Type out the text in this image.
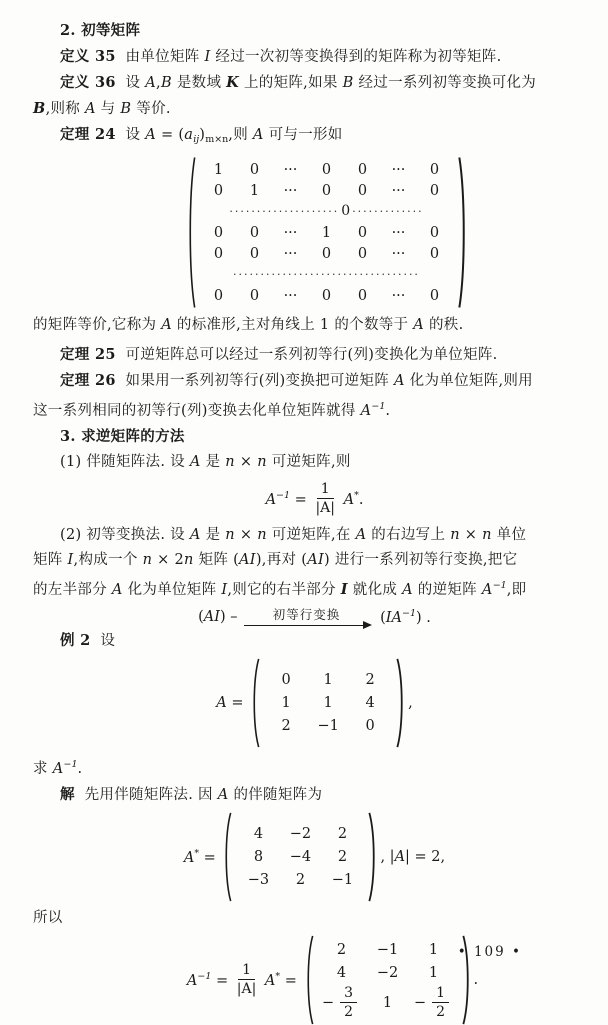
2. 初等矩阵
定义 35  由单位矩阵 I 经过一次初等变换得到的矩阵称为初等矩阵.
定义 36  设 A,B 是数域 K 上的矩阵,如果 B 经过一系列初等变换可化为
B,则称 A 与 B 等价.
定理 24  设 $A = (a_{ij})_{m\times n}$,则 A 可与一形如
1	0	···	0	0	···	0
0	1	···	0	0	···	0
···················· 0 ·············
0	0	···	1	0	···	0
0	0	···	0	0	···	0
··································
0	0	···	0	0	···	0
的矩阵等价,它称为 A 的标准形,主对角线上 1 的个数等于 A 的秩.
定理 25  可逆矩阵总可以经过一系列初等行(列)变换化为单位矩阵.
定理 26  如果用一系列初等行(列)变换把可逆矩阵 A 化为单位矩阵,则用
这一系列相同的初等行(列)变换去化单位矩阵就得 $A^{-1}$.
3. 求逆矩阵的方法
(1) 伴随矩阵法. 设 A 是 n × n 可逆矩阵,则
$A^{-1} = \frac{1}{|A|} A^*$.
(2) 初等变换法. 设 A 是 n × n 可逆矩阵,在 A 的右边写上 n × n 单位
矩阵 I,构成一个 n × 2n 矩阵 (AI),再对 (AI) 进行一系列初等行变换,把它
的左半部分 A 化为单位矩阵 I,则它的右半部分 I 就化成 A 的逆矩阵 $A^{-1}$,即
(AI) –	初等行变换 $(IA^{-1})$ .
例 2  设
A =
0	1	2
1	1	4
2	−1	0
,
求 $A^{-1}$.
解  先用伴随矩阵法. 因 A 的伴随矩阵为
A* =
4	−2	2
8	−4	2
−3	2	−1
, |A| = 2,
所以
$A^{-1} = \frac{1}{|A|} A^*$ =
2	−1	1
4	−2	1
− $\frac{3}{2}$	1	− $\frac{1}{2}$
.
• 109 •
